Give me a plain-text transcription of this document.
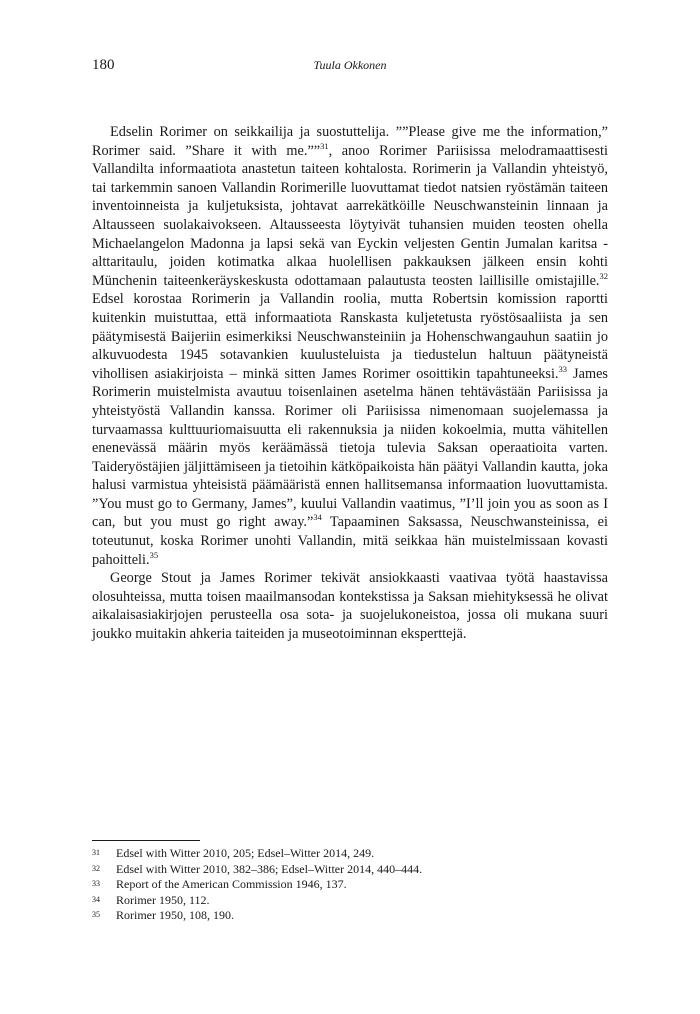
180	Tuula Okkonen

Edselin Rorimer on seikkailija ja suostuttelija. ””Please give me the information,” Rorimer said. ”Share it with me.””$^{31}$, anoo Rorimer Pariisissa melodramaattisesti Vallandilta informaatiota anastetun taiteen kohtalosta. Rorimerin ja Vallandin yhteistyö, tai tarkemmin sanoen Vallandin Rorimerille luovuttamat tiedot natsien ryöstämän taiteen inventoinneista ja kuljetuksista, johtavat aarrekätköille Neuschwansteinin linnaan ja Altausseen suolakaivokseen. Altausseesta löytyivät tuhansien muiden teosten ohella Michaelangelon Madonna ja lapsi sekä van Eyckin veljesten Gentin Jumalan karitsa -alttaritaulu, joiden kotimatka alkaa huolellisen pakkauksen jälkeen ensin kohti Münchenin taiteenkeräyskeskusta odottamaan palautusta teosten laillisille omistajille.$^{32}$ Edsel korostaa Rorimerin ja Vallandin roolia, mutta Robertsin komission raportti kuitenkin muistuttaa, että informaatiota Ranskasta kuljetetusta ryöstösaaliista ja sen päätymisestä Baijeriin esimerkiksi Neuschwansteiniin ja Hohenschwangauhun saatiin jo alkuvuodesta 1945 sotavankien kuulusteluista ja tiedustelun haltuun päätyneistä vihollisen asiakirjoista – minkä sitten James Rorimer osoittikin tapahtuneeksi.$^{33}$ James Rorimerin muistelmista avautuu toisenlainen asetelma hänen tehtävästään Pariisissa ja yhteistyöstä Vallandin kanssa. Rorimer oli Pariisissa nimenomaan suojelemassa ja turvaamassa kulttuuriomaisuutta eli rakennuksia ja niiden kokoelmia, mutta vähitellen enenevässä määrin myös keräämässä tietoja tulevia Saksan operaatioita varten. Taideryöstäjien jäljittämiseen ja tietoihin kätköpaikoista hän päätyi Vallandin kautta, joka halusi varmistua yhteisistä päämääristä ennen hallitsemansa informaation luovuttamista. ”You must go to Germany, James”, kuului Vallandin vaatimus, ”I’ll join you as soon as I can, but you must go right away.”$^{34}$ Tapaaminen Saksassa, Neuschwansteinissa, ei toteutunut, koska Rorimer unohti Vallandin, mitä seikkaa hän muistelmissaan kovasti pahoitteli.$^{35}$

George Stout ja James Rorimer tekivät ansiokkaasti vaativaa työtä haastavissa olosuhteissa, mutta toisen maailmansodan kontekstissa ja Saksan miehityksessä he olivat aikalaisasiakirjojen perusteella osa sota- ja suojelukoneistoa, jossa oli mukana suuri joukko muitakin ahkeria taiteiden ja museotoiminnan eksperttejä.

31 Edsel with Witter 2010, 205; Edsel–Witter 2014, 249.
32 Edsel with Witter 2010, 382–386; Edsel–Witter 2014, 440–444.
33 Report of the American Commission 1946, 137.
34 Rorimer 1950, 112.
35 Rorimer 1950, 108, 190.
